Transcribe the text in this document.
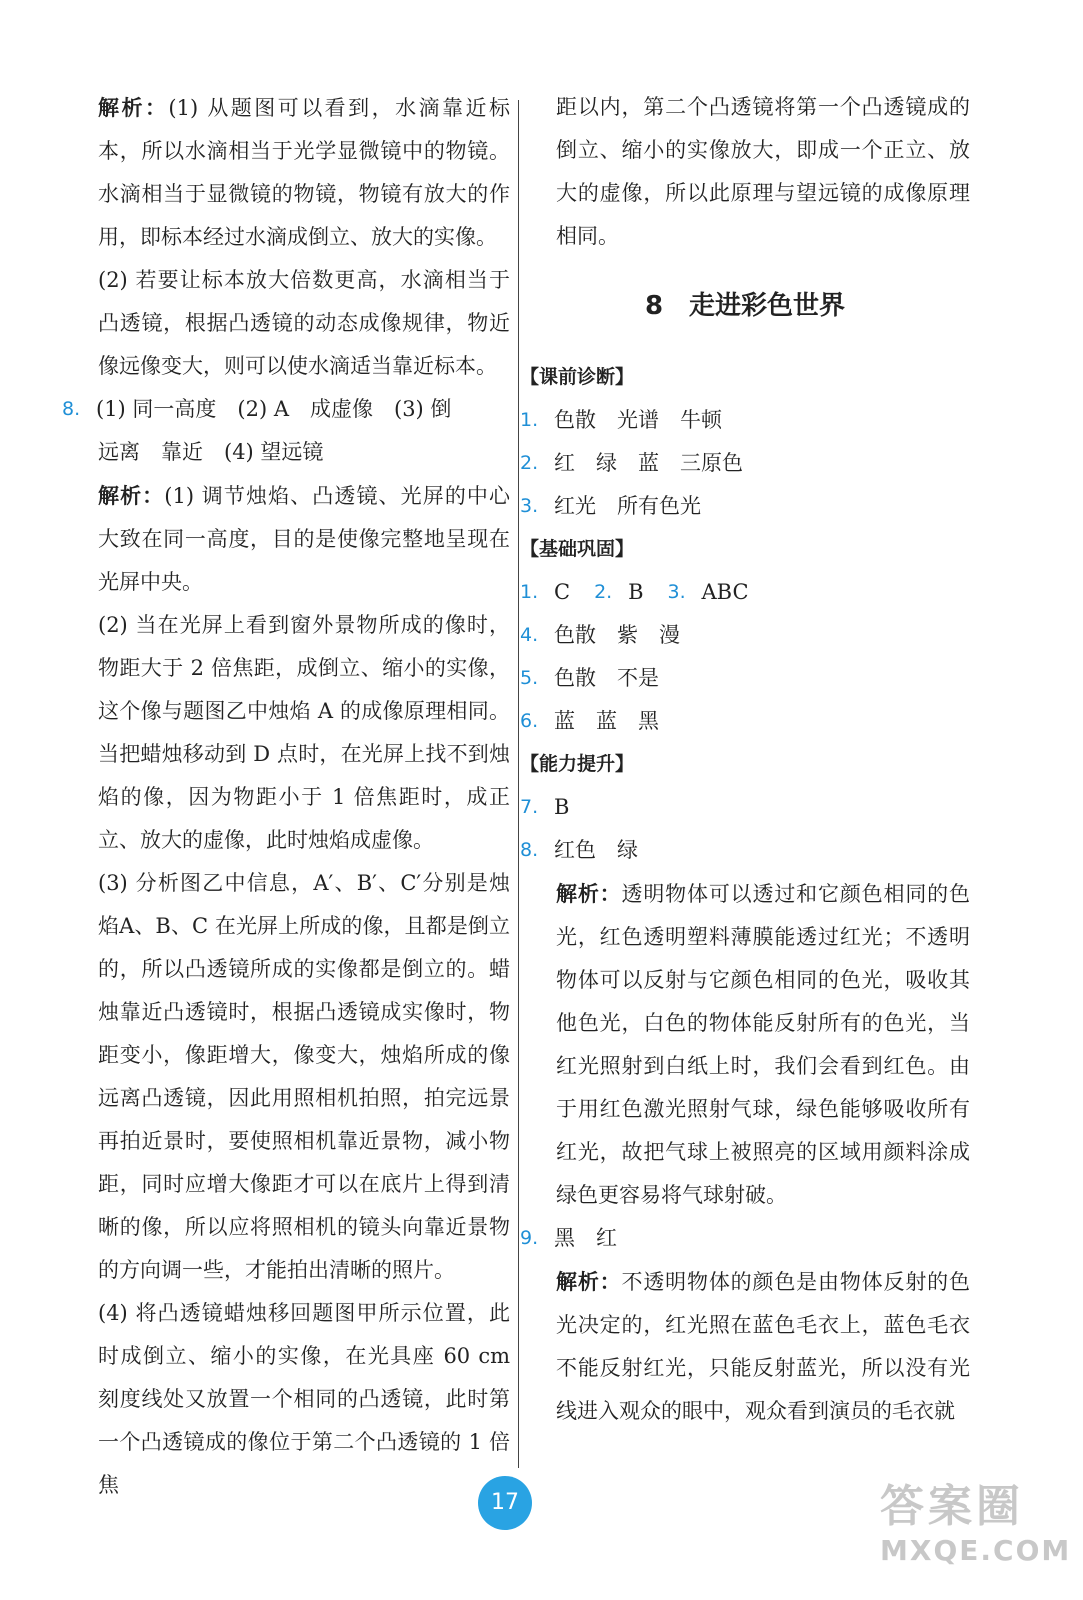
解析：(1) 从题图可以看到，水滴靠近标本，所以水滴相当于光学显微镜中的物镜。水滴相当于显微镜的物镜，物镜有放大的作用，即标本经过水滴成倒立、放大的实像。

(2) 若要让标本放大倍数更高，水滴相当于凸透镜，根据凸透镜的动态成像规律，物近像远像变大，则可以使水滴适当靠近标本。

8. (1) 同一高度　(2) A　成虚像　(3) 倒

远离　靠近　(4) 望远镜

解析：(1) 调节烛焰、凸透镜、光屏的中心大致在同一高度，目的是使像完整地呈现在光屏中央。

(2) 当在光屏上看到窗外景物所成的像时，物距大于 2 倍焦距，成倒立、缩小的实像，这个像与题图乙中烛焰 A 的成像原理相同。当把蜡烛移动到 D 点时，在光屏上找不到烛焰的像，因为物距小于 1 倍焦距时，成正立、放大的虚像，此时烛焰成虚像。

(3) 分析图乙中信息，A′、B′、C′分别是烛焰A、B、C 在光屏上所成的像，且都是倒立的，所以凸透镜所成的实像都是倒立的。蜡烛靠近凸透镜时，根据凸透镜成实像时，物距变小，像距增大，像变大，烛焰所成的像远离凸透镜，因此用照相机拍照，拍完远景再拍近景时，要使照相机靠近景物，减小物距，同时应增大像距才可以在底片上得到清晰的像，所以应将照相机的镜头向靠近景物的方向调一些，才能拍出清晰的照片。

(4) 将凸透镜蜡烛移回题图甲所示位置，此时成倒立、缩小的实像，在光具座 60 cm 刻度线处又放置一个相同的凸透镜，此时第一个凸透镜成的像位于第二个凸透镜的 1 倍焦

距以内，第二个凸透镜将第一个凸透镜成的倒立、缩小的实像放大，即成一个正立、放大的虚像，所以此原理与望远镜的成像原理相同。

8　走进彩色世界

【课前诊断】

1. 色散　光谱　牛顿
2. 红　绿　蓝　三原色
3. 红光　所有色光

【基础巩固】

1. C 2. B 3. ABC
4. 色散　紫　漫
5. 色散　不是
6. 蓝　蓝　黑

【能力提升】

7. B
8. 红色　绿

解析：透明物体可以透过和它颜色相同的色光，红色透明塑料薄膜能透过红光；不透明物体可以反射与它颜色相同的色光，吸收其他色光，白色的物体能反射所有的色光，当红光照射到白纸上时，我们会看到红色。由于用红色激光照射气球，绿色能够吸收所有红光，故把气球上被照亮的区域用颜料涂成绿色更容易将气球射破。

9. 黑　红

解析：不透明物体的颜色是由物体反射的色光决定的，红光照在蓝色毛衣上，蓝色毛衣不能反射红光，只能反射蓝光，所以没有光线进入观众的眼中，观众看到演员的毛衣就

17	答案圈
MXQE.COM
